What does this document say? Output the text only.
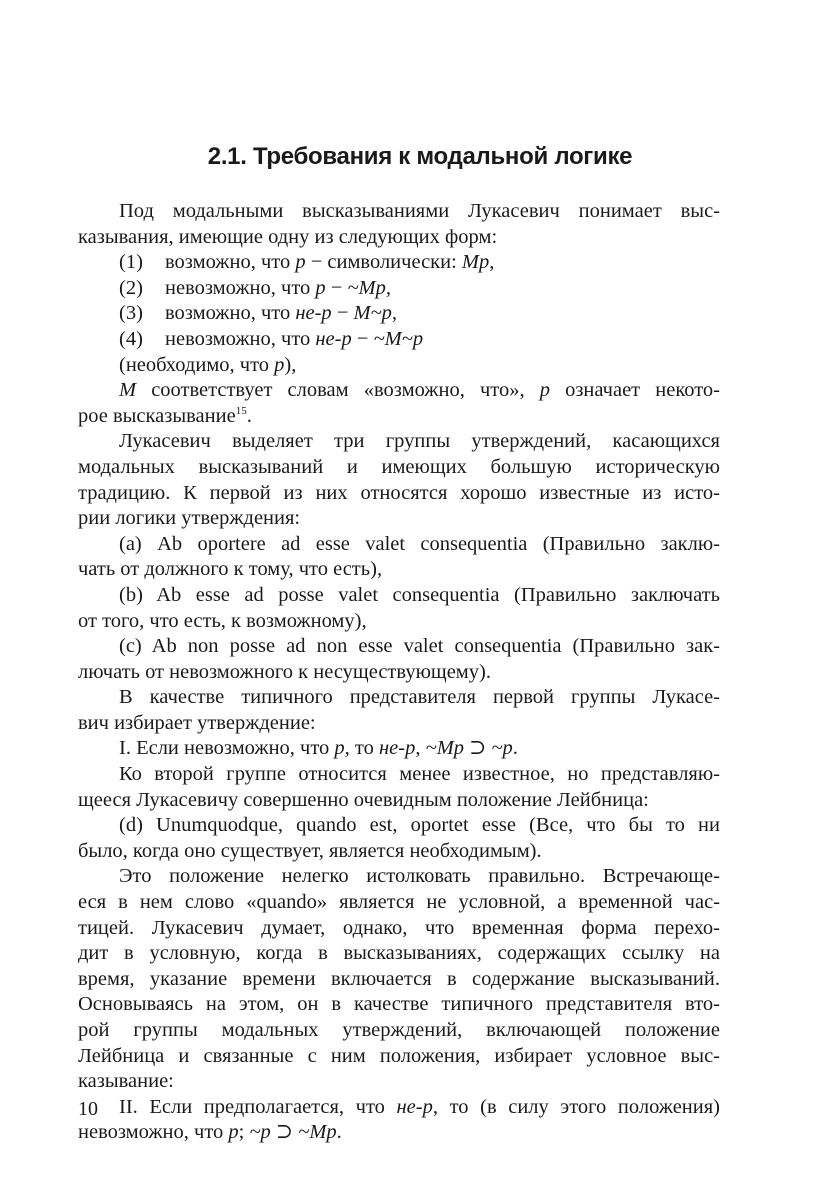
2.1. Требования к модальной логике
Под модальными высказываниями Лукасевич понимает выс-
казывания, имеющие одну из следующих форм:
(1) возможно, что p − символически: Mp,
(2) невозможно, что p − ~Mp,
(3) возможно, что не-p − M~p,
(4) невозможно, что не-p − ~M~p
(необходимо, что p),
M соответствует словам «возможно, что», p означает некото-
рое высказывание$^{15}$.
Лукасевич выделяет три группы утверждений, касающихся
модальных высказываний и имеющих большую историческую
традицию. К первой из них относятся хорошо известные из исто-
рии логики утверждения:
(а) Ab oportere ad esse valet consequentia (Правильно заклю-
чать от должного к тому, что есть),
(b) Ab esse ad posse valet consequentia (Правильно заключать
от того, что есть, к возможному),
(c) Ab non posse ad non esse valet consequentia (Правильно зак-
лючать от невозможного к несуществующему).
В качестве типичного представителя первой группы Лукасе-
вич избирает утверждение:
I. Если невозможно, что p, то не-p, ~Mp ⊃ ~p.
Ко второй группе относится менее известное, но представляю-
щееся Лукасевичу совершенно очевидным положение Лейбница:
(d) Unumquodque, quando est, oportet esse (Все, что бы то ни
было, когда оно существует, является необходимым).
Это положение нелегко истолковать правильно. Встречающе-
еся в нем слово «quando» является не условной, а временной час-
тицей. Лукасевич думает, однако, что временная форма перехо-
дит в условную, когда в высказываниях, содержащих ссылку на
время, указание времени включается в содержание высказываний.
Основываясь на этом, он в качестве типичного представителя вто-
рой группы модальных утверждений, включающей положение
Лейбница и связанные с ним положения, избирает условное выс-
казывание:
II. Если предполагается, что не-p, то (в силу этого положения)
невозможно, что p; ~p ⊃ ~Mp.
10
